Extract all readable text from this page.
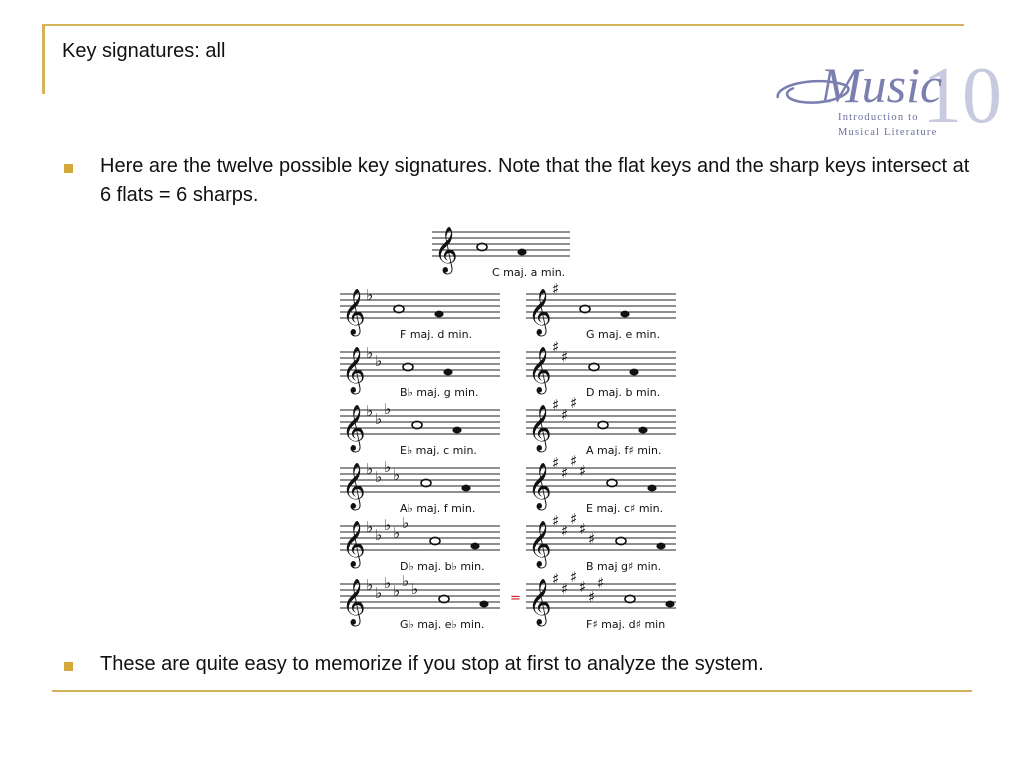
Key signatures: all
10
Music
Introduction to
Musical Literature
Here are the twelve possible key signatures. Note that the flat keys and the sharp keys intersect at 6 flats = 6 sharps.
𝄞	C maj. a min.
𝄞 ♭
F maj. d min. 𝄞 ♯
G maj. e min.
𝄞 ♭ ♭
B♭ maj. g min. 𝄞 ♯
♯
D maj. b min.
𝄞 ♭ ♭
♭
E♭ maj. c min. 𝄞 ♯
♯
♯
A maj. f♯ min.
𝄞 ♭ ♭
♭ ♭
A♭ maj. f min. 𝄞 ♯
♯
♯
♯
E maj. c♯ min.
𝄞 ♭ ♭
♭ ♭
♭
D♭ maj. b♭ min. 𝄞 ♯
♯
♯
♯
♯
B maj g♯ min.
𝄞 ♭ ♭
♭ ♭
♭ ♭
G♭ maj. e♭ min. 𝄞 ♯
♯
♯
♯
♯
♯
F♯ maj. d♯ min
=
These are quite easy to memorize if you stop at first to analyze the system.
